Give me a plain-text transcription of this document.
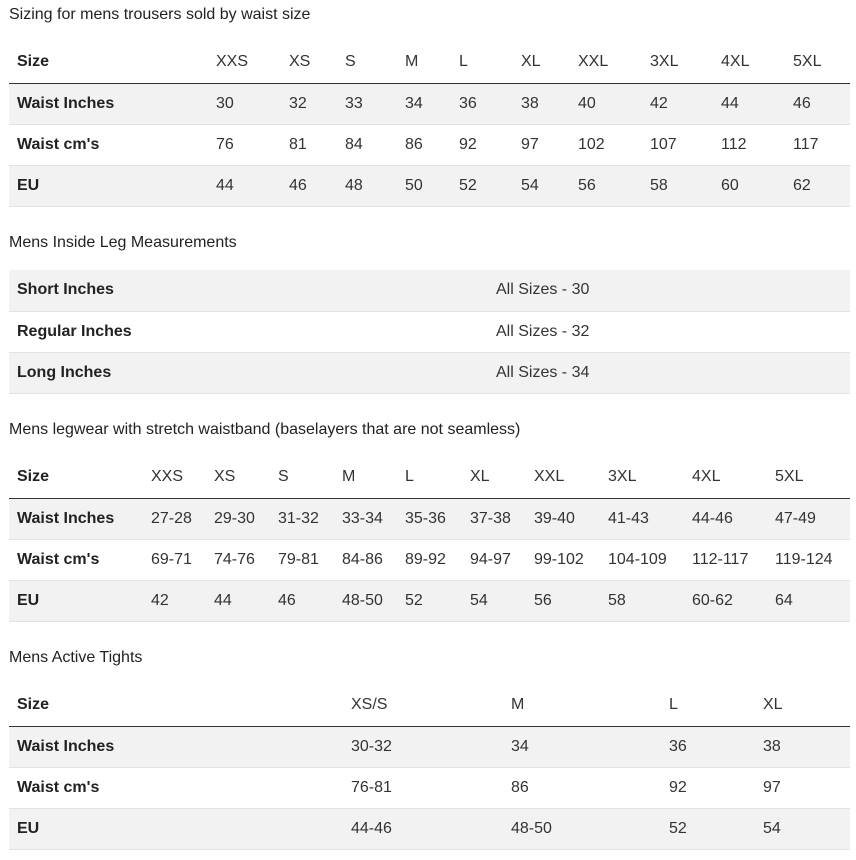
Sizing for mens trousers sold by waist size
Size	XXS	XS	S	M	L	XL	XXL	3XL	4XL	5XL
Waist Inches	30	32	33	34	36	38	40	42	44	46
Waist cm's	76	81	84	86	92	97	102	107	112	117
EU	44	46	48	50	52	54	56	58	60	62
Mens Inside Leg Measurements
Short Inches	All Sizes - 30
Regular Inches	All Sizes - 32
Long Inches	All Sizes - 34
Mens legwear with stretch waistband (baselayers that are not seamless)
Size	XXS	XS	S	M	L	XL	XXL	3XL	4XL	5XL
Waist Inches	27-28	29-30	31-32	33-34	35-36	37-38	39-40	41-43	44-46	47-49
Waist cm's	69-71	74-76	79-81	84-86	89-92	94-97	99-102	104-109	112-117	119-124
EU	42	44	46	48-50	52	54	56	58	60-62	64
Mens Active Tights
Size	XS/S	M	L	XL
Waist Inches	30-32	34	36	38
Waist cm's	76-81	86	92	97
EU	44-46	48-50	52	54
